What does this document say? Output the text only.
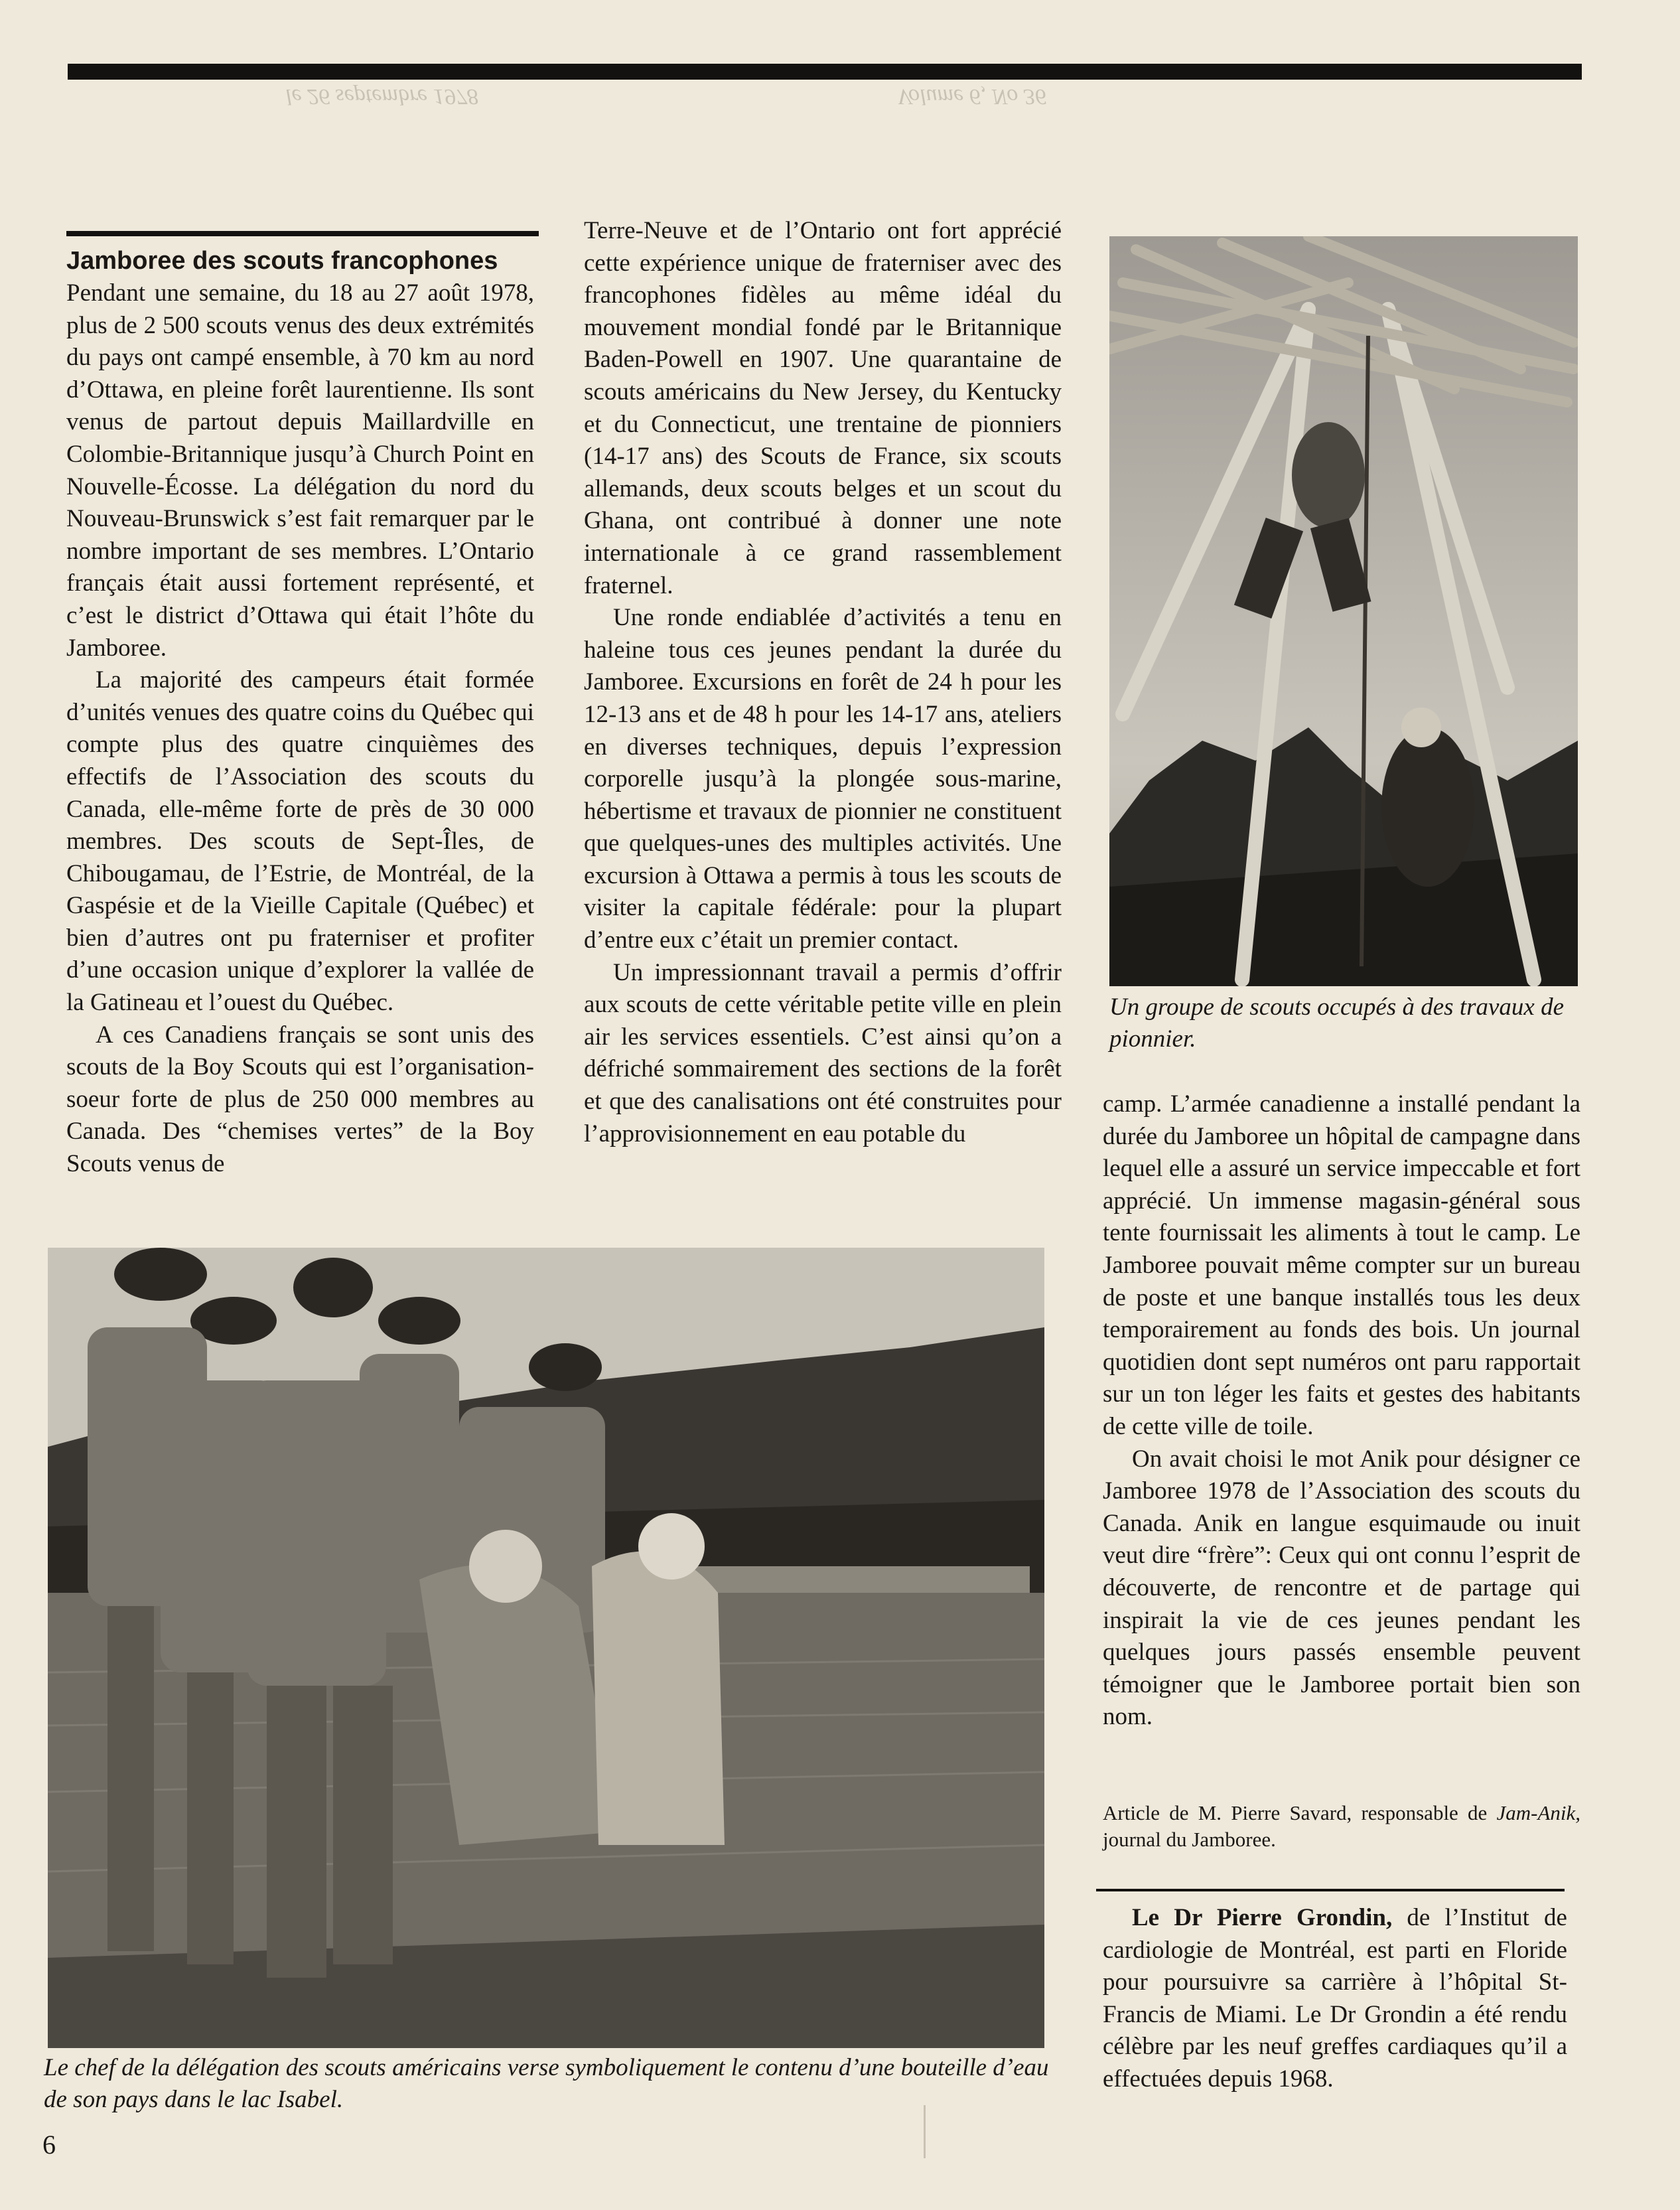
le 26 septembre 1978	Volume 6, No 36
Jamboree des scouts francophones

Pendant une semaine, du 18 au 27 août 1978, plus de 2 500 scouts venus des deux extrémités du pays ont campé ensemble, à 70 km au nord d’Ottawa, en pleine forêt laurentienne. Ils sont venus de partout depuis Maillardville en Colombie-Britannique jusqu’à Church Point en Nouvelle-Écosse. La délégation du nord du Nouveau-Brunswick s’est fait remarquer par le nombre important de ses membres. L’Ontario français était aussi fortement représenté, et c’est le district d’Ottawa qui était l’hôte du Jamboree.

La majorité des campeurs était formée d’unités venues des quatre coins du Québec qui compte plus des quatre cinquièmes des effectifs de l’Association des scouts du Canada, elle-même forte de près de 30 000 membres. Des scouts de Sept-Îles, de Chibougamau, de l’Estrie, de Montréal, de la Gaspésie et de la Vieille Capitale (Québec) et bien d’autres ont pu fraterniser et profiter d’une occasion unique d’explorer la vallée de la Gatineau et l’ouest du Québec.

A ces Canadiens français se sont unis des scouts de la Boy Scouts qui est l’organisation-soeur forte de plus de 250 000 membres au Canada. Des “chemises vertes” de la Boy Scouts venus de

Terre-Neuve et de l’Ontario ont fort apprécié cette expérience unique de fraterniser avec des francophones fidèles au même idéal du mouvement mondial fondé par le Britannique Baden-Powell en 1907. Une quarantaine de scouts américains du New Jersey, du Kentucky et du Connecticut, une trentaine de pionniers (14-17 ans) des Scouts de France, six scouts allemands, deux scouts belges et un scout du Ghana, ont contribué à donner une note internationale à ce grand rassemblement fraternel.

Une ronde endiablée d’activités a tenu en haleine tous ces jeunes pendant la durée du Jamboree. Excursions en forêt de 24 h pour les 12-13 ans et de 48 h pour les 14-17 ans, ateliers en diverses techniques, depuis l’expression corporelle jusqu’à la plongée sous-marine, hébertisme et travaux de pionnier ne constituent que quelques-unes des multiples activités. Une excursion à Ottawa a permis à tous les scouts de visiter la capitale fédérale: pour la plupart d’entre eux c’était un premier contact.

Un impressionnant travail a permis d’offrir aux scouts de cette véritable petite ville en plein air les services essentiels. C’est ainsi qu’on a défriché sommairement des sections de la forêt et que des canalisations ont été construites pour l’approvisionnement en eau potable du

Un groupe de scouts occupés à des travaux de pionnier.

camp. L’armée canadienne a installé pendant la durée du Jamboree un hôpital de campagne dans lequel elle a assuré un service impeccable et fort apprécié. Un immense magasin-général sous tente fournissait les aliments à tout le camp. Le Jamboree pouvait même compter sur un bureau de poste et une banque installés tous les deux temporairement au fonds des bois. Un journal quotidien dont sept numéros ont paru rapportait sur un ton léger les faits et gestes des habitants de cette ville de toile.

On avait choisi le mot Anik pour désigner ce Jamboree 1978 de l’Association des scouts du Canada. Anik en langue esquimaude ou inuit veut dire “frère”: Ceux qui ont connu l’esprit de découverte, de rencontre et de partage qui inspirait la vie de ces jeunes pendant les quelques jours passés ensemble peuvent témoigner que le Jamboree portait bien son nom.

Article de M. Pierre Savard, responsable de Jam-Anik, journal du Jamboree.

Le Dr Pierre Grondin, de l’Institut de cardiologie de Montréal, est parti en Floride pour poursuivre sa carrière à l’hôpital St-Francis de Miami. Le Dr Grondin a été rendu célèbre par les neuf greffes cardiaques qu’il a effectuées depuis 1968.

Le chef de la délégation des scouts américains verse symboliquement le contenu d’une bouteille d’eau de son pays dans le lac Isabel.
6
